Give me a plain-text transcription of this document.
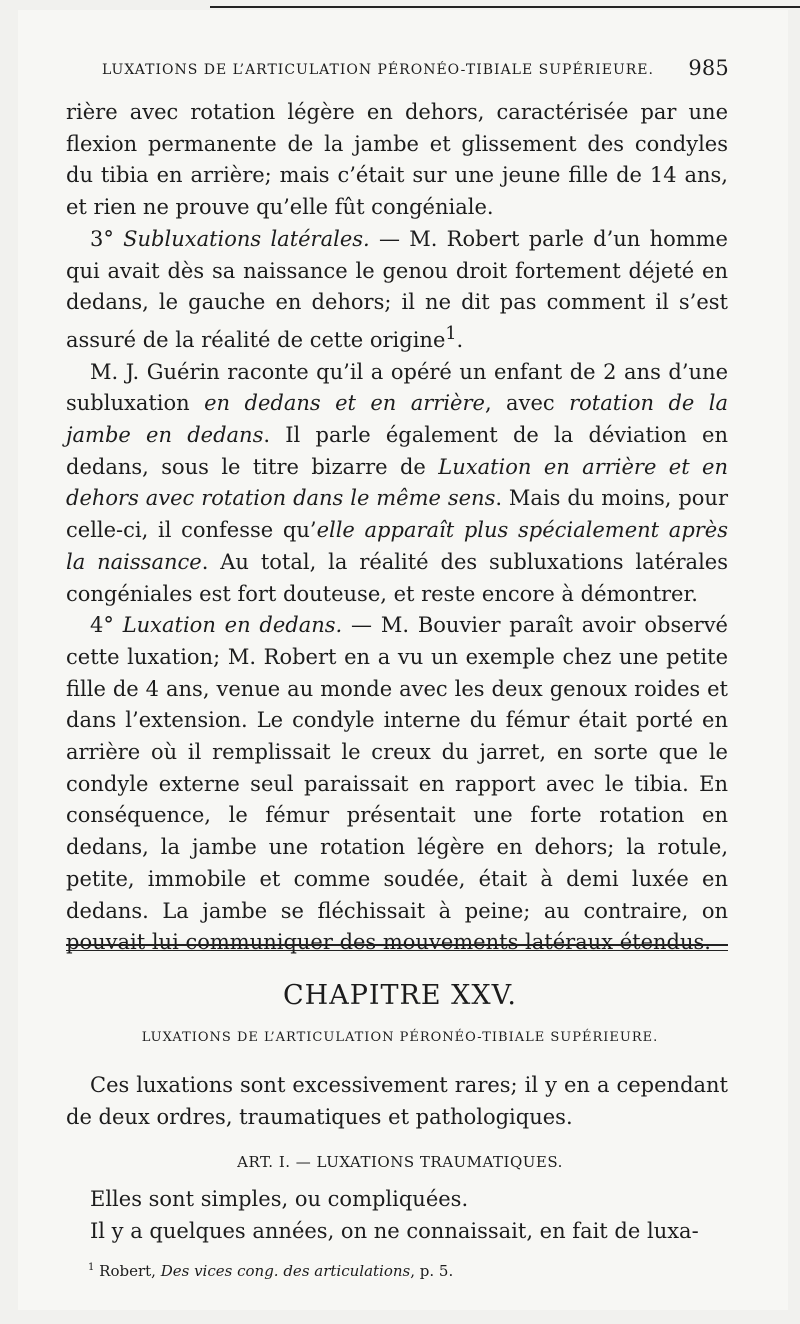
LUXATIONS DE L’ARTICULATION PÉRONÉO-TIBIALE SUPÉRIEURE. 985

rière avec rotation légère en dehors, caractérisée par une flexion permanente de la jambe et glissement des condyles du tibia en arrière; mais c’était sur une jeune fille de 14 ans, et rien ne prouve qu’elle fût congéniale.

3° Subluxations latérales. — M. Robert parle d’un homme qui avait dès sa naissance le genou droit fortement déjeté en dedans, le gauche en dehors; il ne dit pas comment il s’est assuré de la réalité de cette origine$^1$.

M. J. Guérin raconte qu’il a opéré un enfant de 2 ans d’une subluxation en dedans et en arrière, avec rotation de la jambe en dedans. Il parle également de la déviation en dedans, sous le titre bizarre de Luxation en arrière et en dehors avec rotation dans le même sens. Mais du moins, pour celle-ci, il confesse qu’elle apparaît plus spécialement après la naissance. Au total, la réalité des subluxations latérales congéniales est fort douteuse, et reste encore à démontrer.

4° Luxation en dedans. — M. Bouvier paraît avoir observé cette luxation; M. Robert en a vu un exemple chez une petite fille de 4 ans, venue au monde avec les deux genoux roides et dans l’extension. Le condyle interne du fémur était porté en arrière où il remplissait le creux du jarret, en sorte que le condyle externe seul paraissait en rapport avec le tibia. En conséquence, le fémur présentait une forte rotation en dedans, la jambe une rotation légère en dehors; la rotule, petite, immobile et comme soudée, était à demi luxée en dedans. La jambe se fléchissait à peine; au contraire, on pouvait lui communiquer des mouvements latéraux étendus.

CHAPITRE XXV.
LUXATIONS DE L’ARTICULATION PÉRONÉO-TIBIALE SUPÉRIEURE.

Ces luxations sont excessivement rares; il y en a cependant de deux ordres, traumatiques et pathologiques.

ART. I. — LUXATIONS TRAUMATIQUES.

Elles sont simples, ou compliquées.

Il y a quelques années, on ne connaissait, en fait de luxa-

$^1$ Robert, Des vices cong. des articulations, p. 5.
